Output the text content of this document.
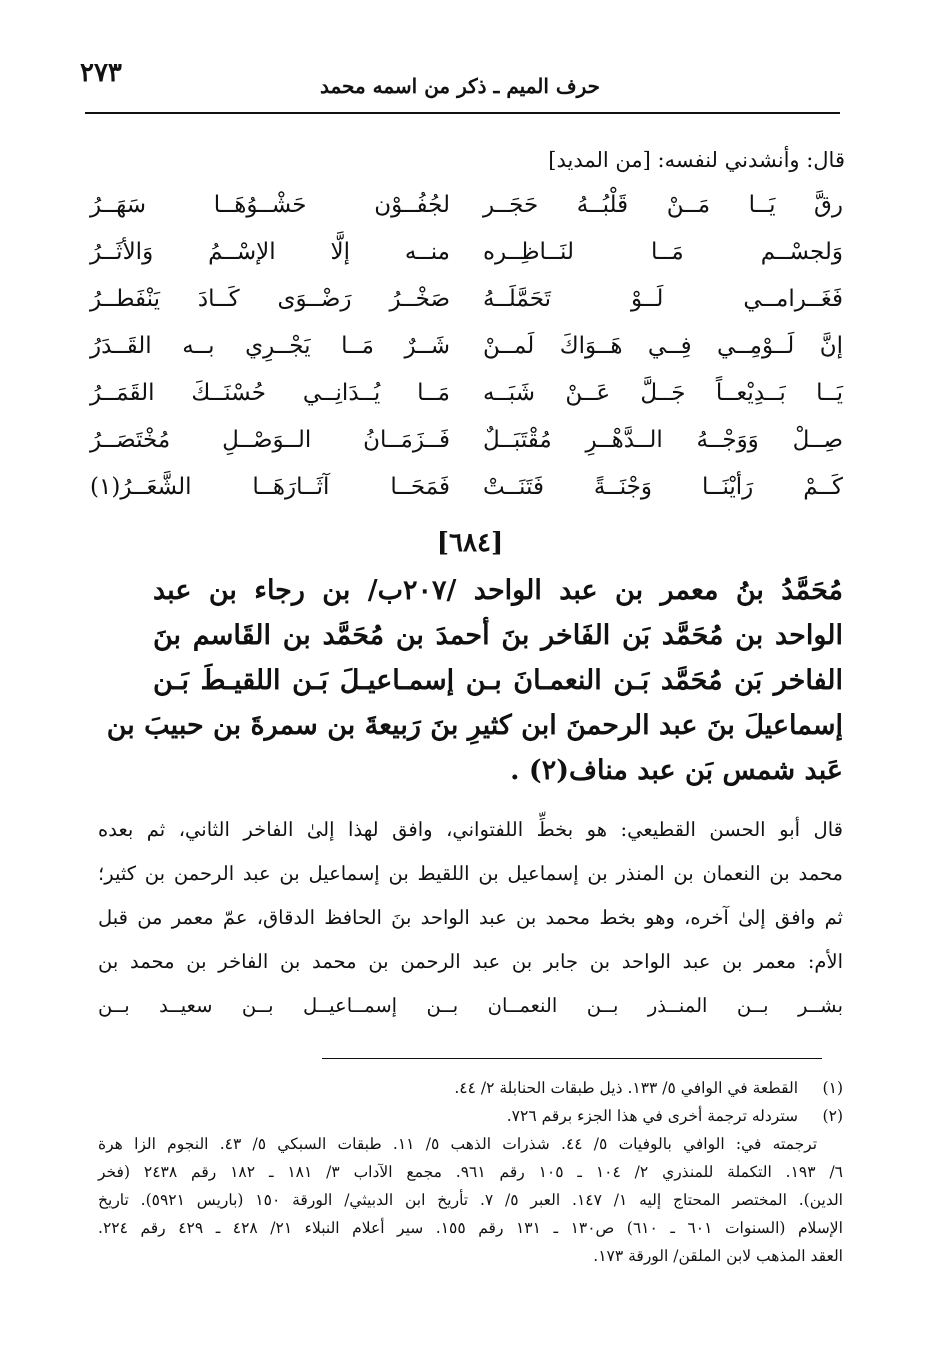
٢٧٣	حرف الميم ـ ذكر من اسمه محمد
قال: وأنشدني لنفسه: [من المديد]
رقَّ يَــا مَــنْ قَلْبُــهُ حَجَــر
وَلجسْــم مَــا لنَــاظِــره
فَغَــرامــي لَــوْ تَحَمَّلَــهُ
إنَّ لَــوْمِــي فِــي هَــوَاكَ لَمــنْ
يَــا بَــدِيْعــاً جَــلَّ عَــنْ شَبَــه
صِــلْ وَوَجْــهُ الــدَّهْــرِ مُقْتَبَــلٌ
كَــمْ رَأيْنَــا وَجْنَــةً فَتَنَــتْ
لجُفُــوْن حَشْــوُهَــا سَهَــرُ
منــه إلَّا الإسْــمُ وَالأثَــرُ
صَخْــرُ رَضْــوَى كَــادَ يَنْفَطــرُ
شَــرٌ مَــا يَجْــرِي بــه القَــدَرُ
مَــا يُــدَانِــي حُسْنَــكَ القَمَــرُ
فَــزَمَــانُ الــوَصْــلِ مُخْتَصَــرُ
فَمَحَــا آثَــارَهَــا الشَّعَــرُ(١)
[٦٨٤]
مُحَمَّدُ بنُ معمر بن عبد الواحد /٢٠٧ب/ بن رجاء بن عبد
الواحد بن مُحَمَّد بَن الفَاخر بنَ أحمدَ بن مُحَمَّد بن القَاسم بنَ
الفاخر بَن مُحَمَّد بَـن النعمـانَ بـن إسمـاعيـلَ بَـن اللقيـطَ بَـن
إسماعيلَ بنَ عبد الرحمنَ ابن كثيرِ بنَ رَبيعةَ بن سمرةَ بن حبيبَ بن
عَبد شمس بَن عبد مناف(٢) .
قال أبو الحسن القطيعي: هو بخطِّ اللفتواني، وافق لهذا إلىٰ الفاخر الثاني، ثم بعده
محمد بن النعمان بن المنذر بن إسماعيل بن اللقيط بن إسماعيل بن عبد الرحمن بن كثير؛
ثم وافق إلىٰ آخره، وهو بخط محمد بن عبد الواحد بنَ الحافظ الدقاق، عمّ معمر من قبل
الأم: معمر بن عبد الواحد بن جابر بن عبد الرحمن بن محمد بن الفاخر بن محمد بن
بشــر بــن المنــذر بــن النعمــان بــن إسمــاعيــل بــن سعيــد بــن
(١)
القطعة في الوافي ٥/ ١٣٣. ذيل طبقات الحنابلة ٢/ ٤٤.
(٢)
ستردله ترجمة أخرى في هذا الجزء برقم ٧٢٦.
ترجمته في: الوافي بالوفيات ٥/ ٤٤. شذرات الذهب ٥/ ١١. طبقات السبكي ٥/ ٤٣. النجوم الزا هرة
٦/ ١٩٣. التكملة للمنذري ٢/ ١٠٤ ـ ١٠٥ رقم ٩٦١. مجمع الآداب ٣/ ١٨١ ـ ١٨٢ رقم ٢٤٣٨ (فخر
الدين). المختصر المحتاج إليه ١/ ١٤٧. العبر ٥/ ٧. تأريخ ابن الدبيثي/ الورقة ١٥٠ (باريس ٥٩٢١). تاريخ
الإسلام (السنوات ٦٠١ ـ ٦١٠) ص١٣٠ ـ ١٣١ رقم ١٥٥. سير أعلام النبلاء ٢١/ ٤٢٨ ـ ٤٢٩ رقم ٢٢٤.
العقد المذهب لابن الملقن/ الورقة ١٧٣.
